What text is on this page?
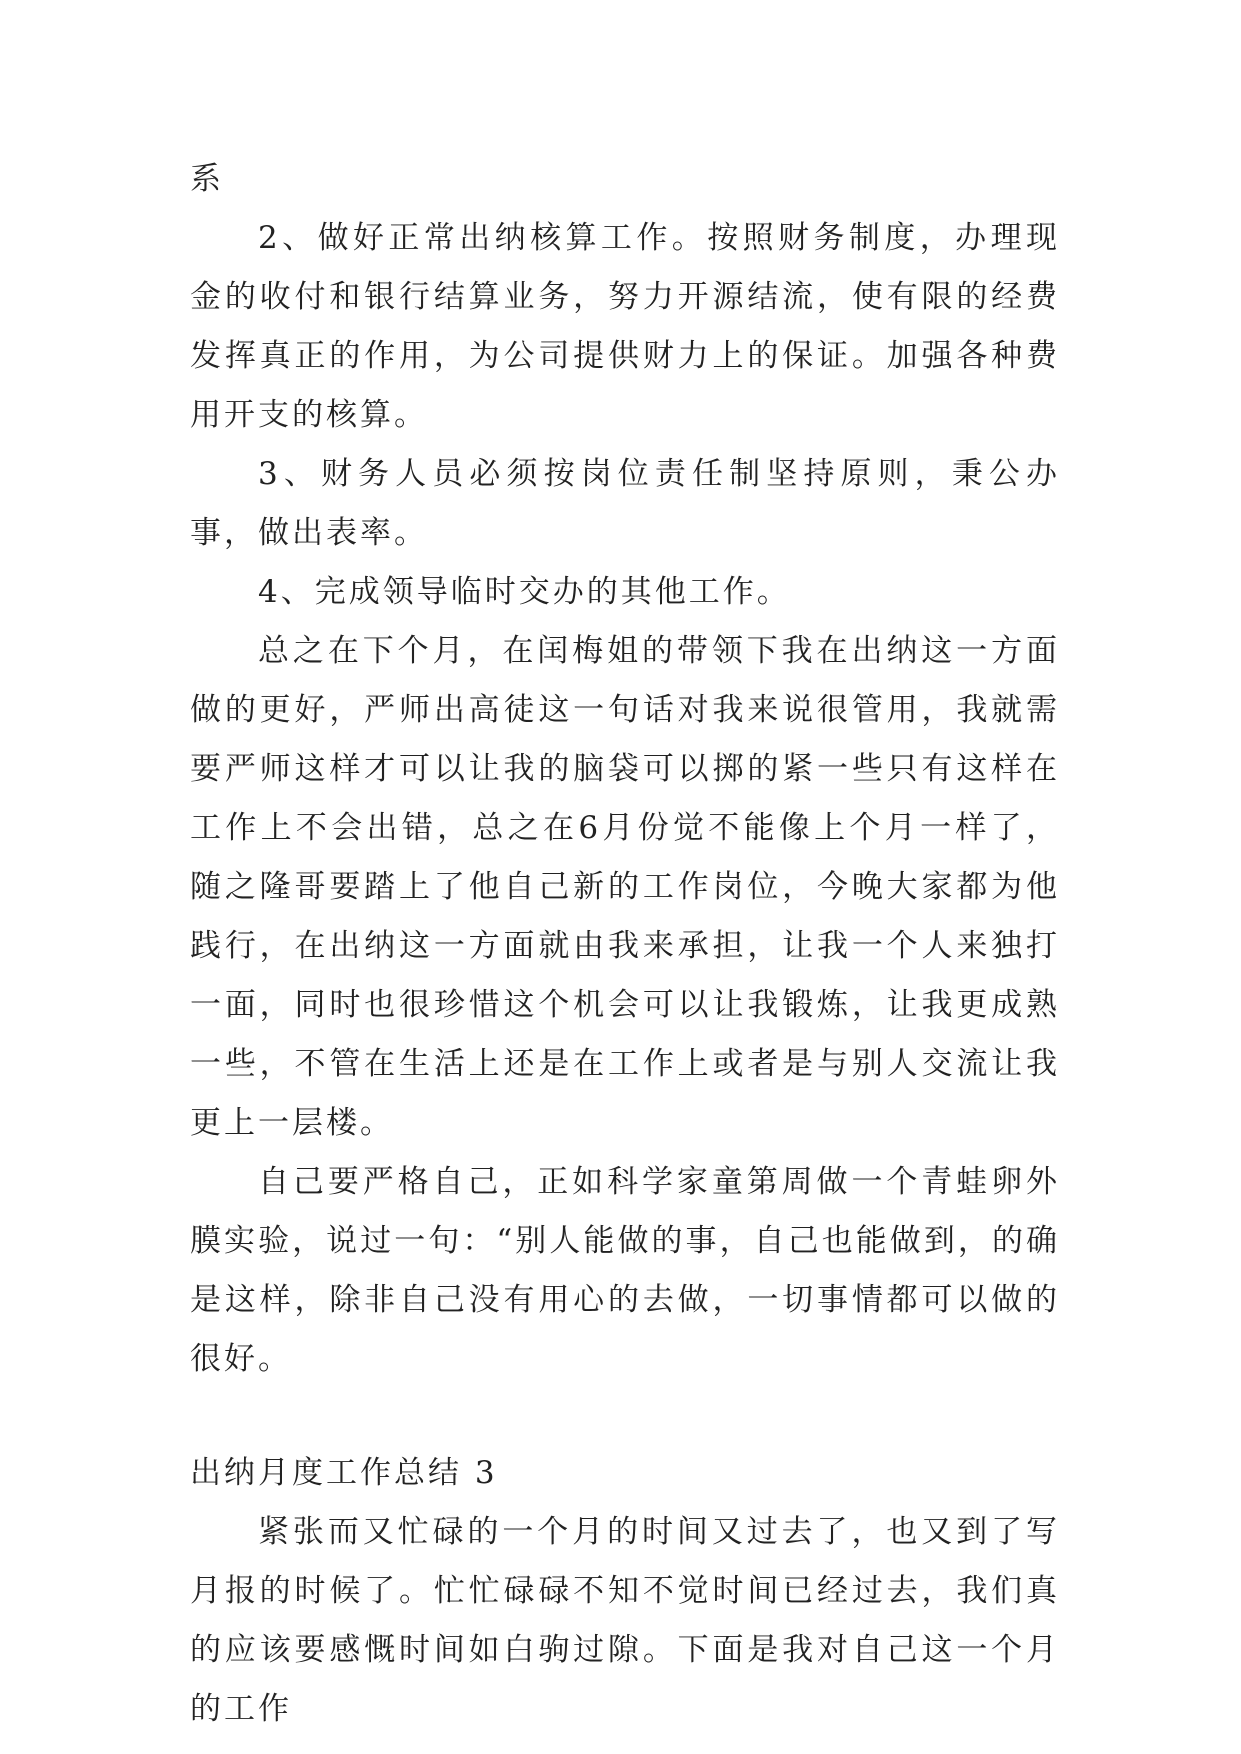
系

2、做好正常出纳核算工作。按照财务制度，办理现金的收付和银行结算业务，努力开源结流，使有限的经费发挥真正的作用，为公司提供财力上的保证。加强各种费用开支的核算。

3、财务人员必须按岗位责任制坚持原则，秉公办事，做出表率。

4、完成领导临时交办的其他工作。

总之在下个月，在闰梅姐的带领下我在出纳这一方面做的更好，严师出高徒这一句话对我来说很管用，我就需要严师这样才可以让我的脑袋可以掷的紧一些只有这样在工作上不会出错，总之在6月份觉不能像上个月一样了，随之隆哥要踏上了他自己新的工作岗位，今晚大家都为他践行，在出纳这一方面就由我来承担，让我一个人来独打一面，同时也很珍惜这个机会可以让我锻炼，让我更成熟一些，不管在生活上还是在工作上或者是与别人交流让我更上一层楼。

自己要严格自己，正如科学家童第周做一个青蛙卵外膜实验，说过一句：“别人能做的事，自己也能做到，的确是这样，除非自己没有用心的去做，一切事情都可以做的很好。

出纳月度工作总结 3

紧张而又忙碌的一个月的时间又过去了，也又到了写月报的时候了。忙忙碌碌不知不觉时间已经过去，我们真的应该要感慨时间如白驹过隙。下面是我对自己这一个月的工作
